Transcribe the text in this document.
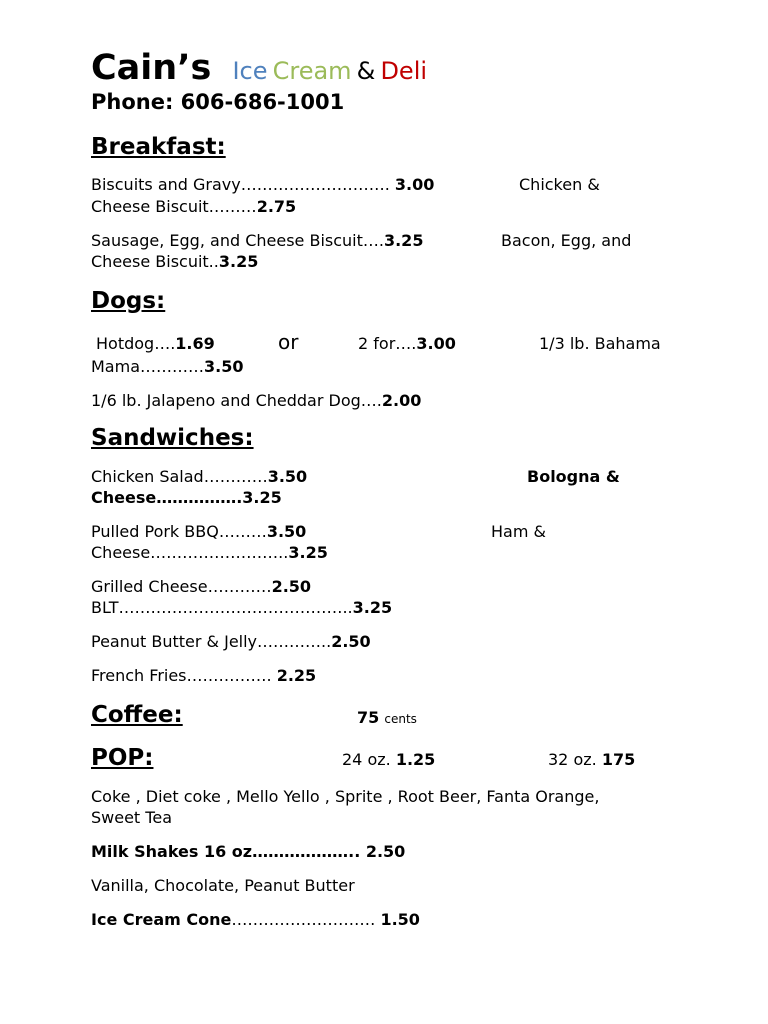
Cain’s Ice Cream & Deli
Phone: 606-686-1001
Breakfast:
Biscuits and Gravy………………………. 3.00	Chicken &
Cheese Biscuit………2.75
Sausage, Egg, and Cheese Biscuit….3.25	Bacon, Egg, and
Cheese Biscuit..3.25
Dogs:
Hotdog….1.69	or	2 for….3.00	1/3 lb. Bahama
Mama…………3.50
1/6 lb. Jalapeno and Cheddar Dog….2.00
Sandwiches:
Chicken Salad…………3.50	Bologna &
Cheese…………….3.25
Pulled Pork BBQ………3.50	Ham &
Cheese……………………..3.25
Grilled Cheese…………2.50
BLT……………………………………..3.25
Peanut Butter & Jelly…………..2.50
French Fries……………. 2.25
Coffee:	75 cents
POP:	24 oz. 1.25	32 oz. 175
Coke , Diet coke , Mello Yello , Sprite , Root Beer, Fanta Orange,
Sweet Tea
Milk Shakes 16 oz……………….. 2.50
Vanilla, Chocolate, Peanut Butter
Ice Cream Cone……………………… 1.50
